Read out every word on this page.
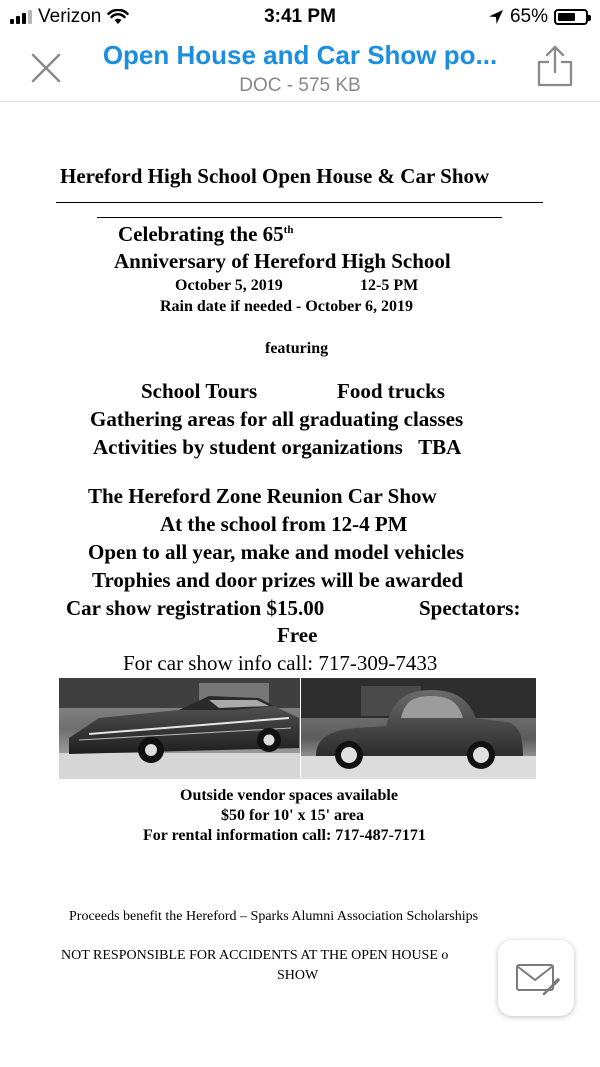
Verizon	3:41 PM	65%
Open House and Car Show po...
DOC - 575 KB
Hereford High School Open House & Car Show
Celebrating the 65th
Anniversary of Hereford High School
October 5, 2019	12-5 PM
Rain date if needed - October 6, 2019
featuring
School Tours	Food trucks
Gathering areas for all graduating classes
Activities by student organizations   TBA
The Hereford Zone Reunion Car Show
At the school from 12-4 PM
Open to all year, make and model vehicles
Trophies and door prizes will be awarded
Car show registration $15.00	Spectators:
Free
For car show info call: 717-309-7433
Outside vendor spaces available
$50 for 10' x 15' area
For rental information call: 717-487-7171
Proceeds benefit the Hereford – Sparks Alumni Association Scholarships
NOT RESPONSIBLE FOR ACCIDENTS AT THE OPEN HOUSE o
SHOW
